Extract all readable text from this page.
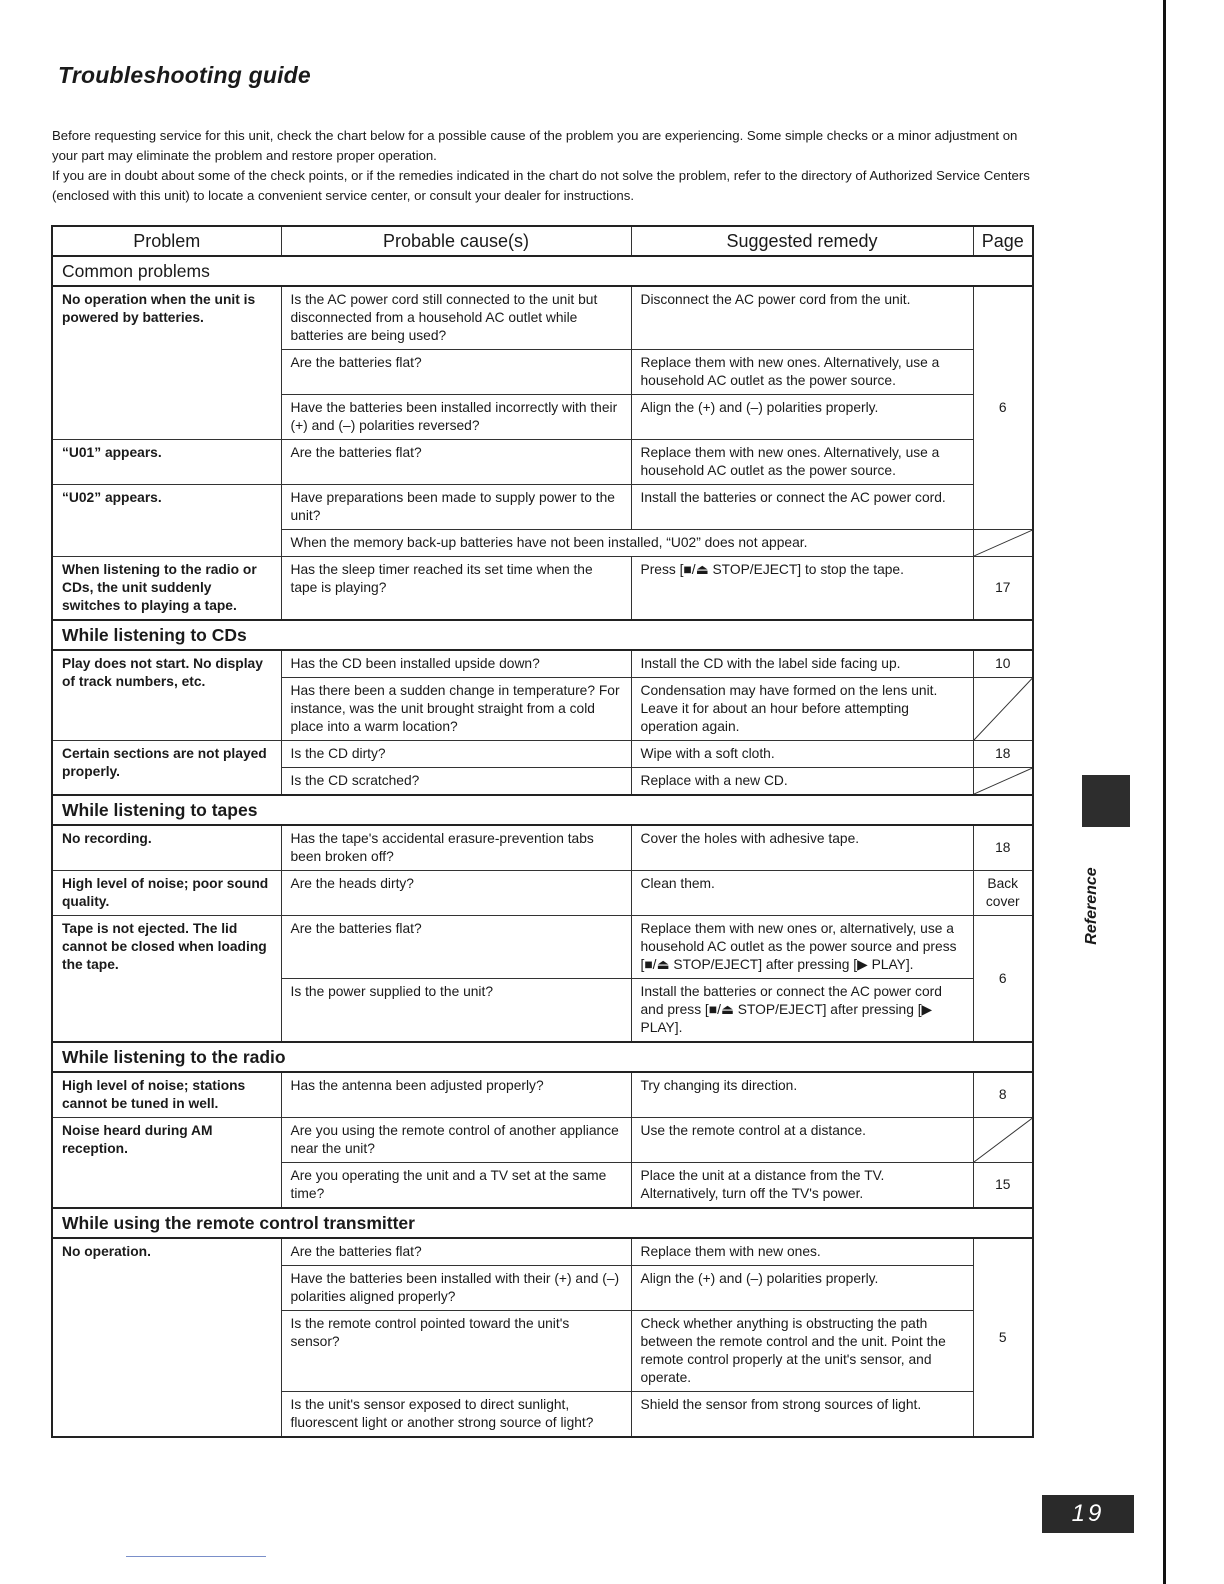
Troubleshooting guide

Before requesting service for this unit, check the chart below for a possible cause of the problem you are experiencing. Some simple checks or a minor adjustment on your part may eliminate the problem and restore proper operation.

If you are in doubt about some of the check points, or if the remedies indicated in the chart do not solve the problem, refer to the directory of Authorized Service Centers (enclosed with this unit) to locate a convenient service center, or consult your dealer for instructions.

Problem	Probable cause(s)	Suggested remedy	Page
Common problems			
No operation when the unit is powered by batteries.	Is the AC power cord still connected to the unit but disconnected from a household AC outlet while batteries are being used?	Disconnect the AC power cord from the unit.	6
	Are the batteries flat?	Replace them with new ones. Alternatively, use a household AC outlet as the power source.	
	Have the batteries been installed incorrectly with their (+) and (–) polarities reversed?	Align the (+) and (–) polarities properly.	
“U01” appears.	Are the batteries flat?	Replace them with new ones. Alternatively, use a household AC outlet as the power source.	
“U02” appears.	Have preparations been made to supply power to the unit?	Install the batteries or connect the AC power cord.	
	When the memory back-up batteries have not been installed, “U02” does not appear.	

When listening to the radio or CDs, the unit suddenly switches to playing a tape.	Has the sleep timer reached its set time when the tape is playing?	Press [■/⏏ STOP/EJECT] to stop the tape.	17
While listening to CDs			
Play does not start. No display of track numbers, etc.	Has the CD been installed upside down?	Install the CD with the label side facing up.	10
	Has there been a sudden change in temperature? For instance, was the unit brought straight from a cold place into a warm location?	Condensation may have formed on the lens unit. Leave it for about an hour before attempting operation again.	

Certain sections are not played properly.	Is the CD dirty?	Wipe with a soft cloth.	18
	Is the CD scratched?	Replace with a new CD.	

While listening to tapes			
No recording.	Has the tape's accidental erasure-prevention tabs been broken off?	Cover the holes with adhesive tape.	18
High level of noise; poor sound quality.	Are the heads dirty?	Clean them.	Back cover
Tape is not ejected. The lid cannot be closed when loading the tape.	Are the batteries flat?	Replace them with new ones or, alternatively, use a household AC outlet as the power source and press [■/⏏ STOP/EJECT] after pressing [▶ PLAY].	6
	Is the power supplied to the unit?	Install the batteries or connect the AC power cord and press [■/⏏ STOP/EJECT] after pressing [▶ PLAY].	
While listening to the radio			
High level of noise; stations cannot be tuned in well.	Has the antenna been adjusted properly?	Try changing its direction.	8
Noise heard during AM reception.	Are you using the remote control of another appliance near the unit?	Use the remote control at a distance.	

	Are you operating the unit and a TV set at the same time?	Place the unit at a distance from the TV. Alternatively, turn off the TV's power.	15
While using the remote control transmitter			
No operation.	Are the batteries flat?	Replace them with new ones.	5
	Have the batteries been installed with their (+) and (–) polarities aligned properly?	Align the (+) and (–) polarities properly.	
	Is the remote control pointed toward the unit's sensor?	Check whether anything is obstructing the path between the remote control and the unit. Point the remote control properly at the unit's sensor, and operate.	
	Is the unit's sensor exposed to direct sunlight, fluorescent light or another strong source of light?	Shield the sensor from strong sources of light.	
Reference
19
